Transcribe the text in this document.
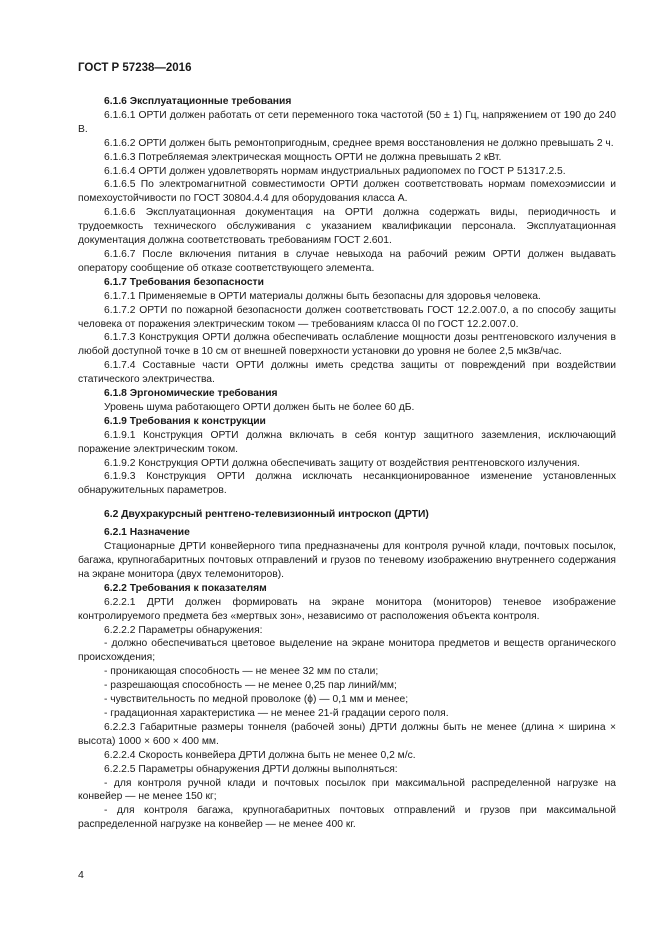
ГОСТ Р 57238—2016

6.1.6 Эксплуатационные требования

6.1.6.1 ОРТИ должен работать от сети переменного тока частотой (50 ± 1) Гц, напряжением от 190 до 240 В.

6.1.6.2 ОРТИ должен быть ремонтопригодным, среднее время восстановления не должно превышать 2 ч.

6.1.6.3 Потребляемая электрическая мощность ОРТИ не должна превышать 2 кВт.

6.1.6.4 ОРТИ должен удовлетворять нормам индустриальных радиопомех по ГОСТ Р 51317.2.5.

6.1.6.5 По электромагнитной совместимости ОРТИ должен соответствовать нормам помехоэмиссии и помехоустойчивости по ГОСТ 30804.4.4 для оборудования класса А.

6.1.6.6 Эксплуатационная документация на ОРТИ должна содержать виды, периодичность и трудоемкость технического обслуживания с указанием квалификации персонала. Эксплуатационная документация должна соответствовать требованиям ГОСТ 2.601.

6.1.6.7 После включения питания в случае невыхода на рабочий режим ОРТИ должен выдавать оператору сообщение об отказе соответствующего элемента.

6.1.7 Требования безопасности

6.1.7.1 Применяемые в ОРТИ материалы должны быть безопасны для здоровья человека.

6.1.7.2 ОРТИ по пожарной безопасности должен соответствовать ГОСТ 12.2.007.0, а по способу защиты человека от поражения электрическим током — требованиям класса 0I по ГОСТ 12.2.007.0.

6.1.7.3 Конструкция ОРТИ должна обеспечивать ослабление мощности дозы рентгеновского излучения в любой доступной точке в 10 см от внешней поверхности установки до уровня не более 2,5 мкЗв/час.

6.1.7.4 Составные части ОРТИ должны иметь средства защиты от повреждений при воздействии статического электричества.

6.1.8 Эргономические требования

Уровень шума работающего ОРТИ должен быть не более 60 дБ.

6.1.9 Требования к конструкции

6.1.9.1 Конструкция ОРТИ должна включать в себя контур защитного заземления, исключающий поражение электрическим током.

6.1.9.2 Конструкция ОРТИ должна обеспечивать защиту от воздействия рентгеновского излучения.

6.1.9.3 Конструкция ОРТИ должна исключать несанкционированное изменение установленных обнаружительных параметров.

6.2 Двухракурсный рентгено-телевизионный интроскоп (ДРТИ)

6.2.1 Назначение

Стационарные ДРТИ конвейерного типа предназначены для контроля ручной клади, почтовых посылок, багажа, крупногабаритных почтовых отправлений и грузов по теневому изображению внутреннего содержания на экране монитора (двух телемониторов).

6.2.2 Требования к показателям

6.2.2.1 ДРТИ должен формировать на экране монитора (мониторов) теневое изображение контролируемого предмета без «мертвых зон», независимо от расположения объекта контроля.

6.2.2.2 Параметры обнаружения:

- должно обеспечиваться цветовое выделение на экране монитора предметов и веществ органического происхождения;

- проникающая способность — не менее 32 мм по стали;

- разрешающая способность — не менее 0,25 пар линий/мм;

- чувствительность по медной проволоке (ϕ) — 0,1 мм и менее;

- градационная характеристика — не менее 21-й градации серого поля.

6.2.2.3 Габаритные размеры тоннеля (рабочей зоны) ДРТИ должны быть не менее (длина × ширина × высота) 1000 × 600 × 400 мм.

6.2.2.4 Скорость конвейера ДРТИ должна быть не менее 0,2 м/с.

6.2.2.5 Параметры обнаружения ДРТИ должны выполняться:

- для контроля ручной клади и почтовых посылок при максимальной распределенной нагрузке на конвейер — не менее 150 кг;

- для контроля багажа, крупногабаритных почтовых отправлений и грузов при максимальной распределенной нагрузке на конвейер — не менее 400 кг.

4
